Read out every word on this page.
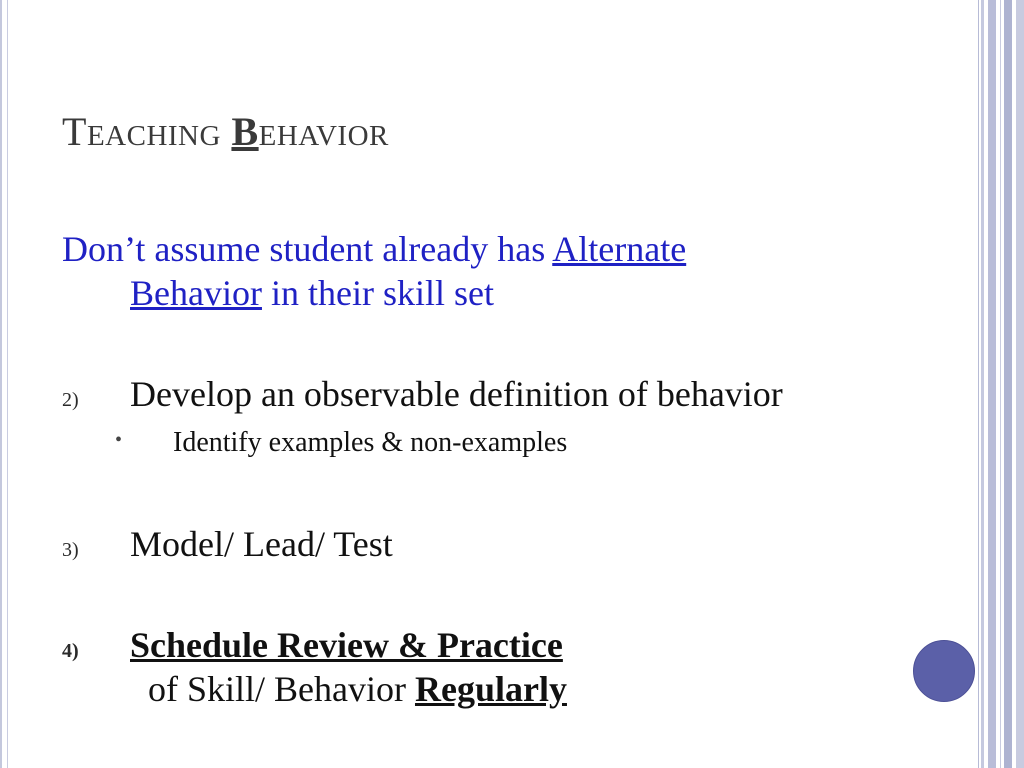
TEACHING BEHAVIOR
Don’t assume student already has Alternate
Behavior in their skill set
2) Develop an observable definition of behavior
• Identify examples & non-examples
3) Model/ Lead/ Test
4) Schedule Review & Practice  of Skill/ Behavior Regularly
